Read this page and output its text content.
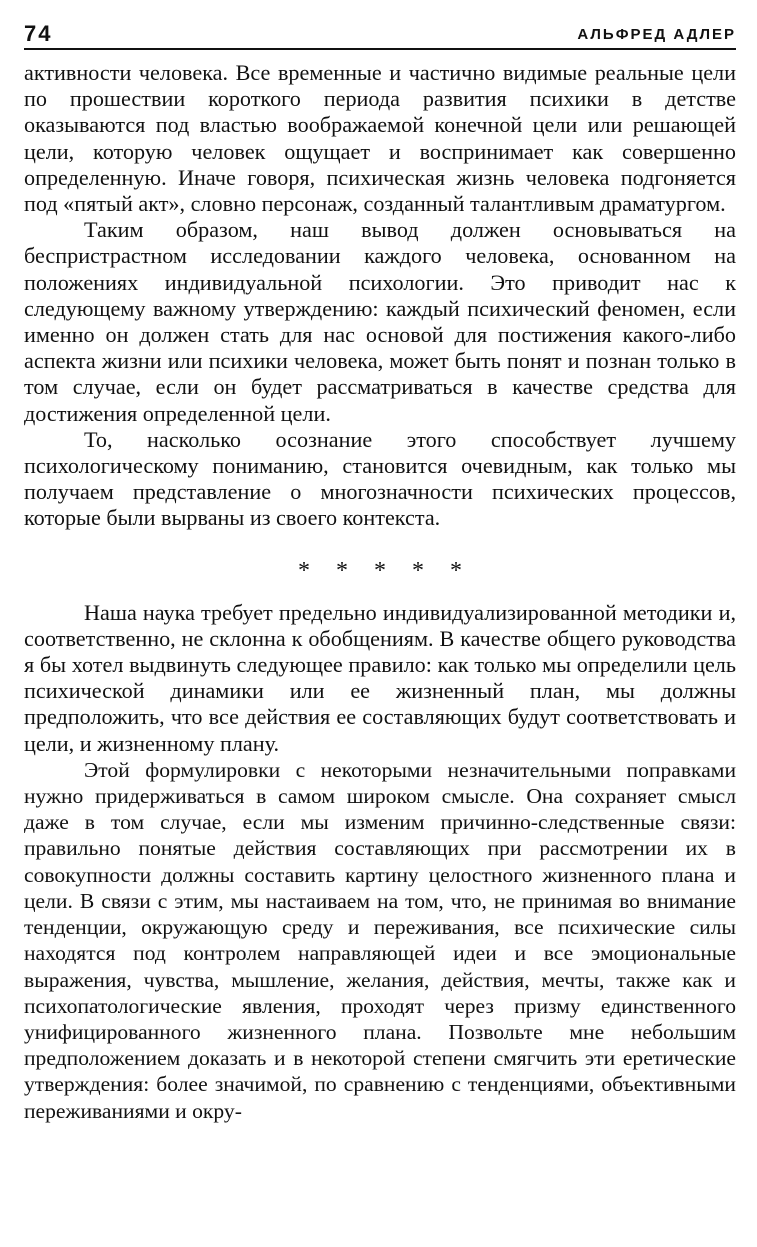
74	АЛЬФРЕД АДЛЕР

активности человека. Все временные и частично видимые реальные цели по прошествии короткого периода развития психики в детстве оказываются под властью воображаемой конечной цели или решающей цели, которую человек ощущает и воспринимает как совершенно определенную. Иначе говоря, психическая жизнь человека подгоняется под «пятый акт», словно персонаж, созданный талантливым драматургом.

Таким образом, наш вывод должен основываться на беспристрастном исследовании каждого человека, основанном на положениях индивидуальной психологии. Это приводит нас к следующему важному утверждению: каждый психический феномен, если именно он должен стать для нас основой для постижения какого-либо аспекта жизни или психики человека, может быть понят и познан только в том случае, если он будет рассматриваться в качестве средства для достижения определенной цели.

То, насколько осознание этого способствует лучшему психологическому пониманию, становится очевидным, как только мы получаем представление о многозначности психических процессов, которые были вырваны из своего контекста.

* * * * *

Наша наука требует предельно индивидуализированной методики и, соответственно, не склонна к обобщениям. В качестве общего руководства я бы хотел выдвинуть следующее правило: как только мы определили цель психической динамики или ее жизненный план, мы должны предположить, что все действия ее составляющих будут соответствовать и цели, и жизненному плану.

Этой формулировки с некоторыми незначительными поправками нужно придерживаться в самом широком смысле. Она сохраняет смысл даже в том случае, если мы изменим причинно-следственные связи: правильно понятые действия составляющих при рассмотрении их в совокупности должны составить картину целостного жизненного плана и цели. В связи с этим, мы настаиваем на том, что, не принимая во внимание тенденции, окружающую среду и переживания, все психические силы находятся под контролем направляющей идеи и все эмоциональные выражения, чувства, мышление, желания, действия, мечты, также как и психопатологические явления, проходят через призму единственного унифицированного жизненного плана. Позвольте мне небольшим предположением доказать и в некоторой степени смягчить эти еретические утверждения: более значимой, по сравнению с тенденциями, объективными переживаниями и окру-
